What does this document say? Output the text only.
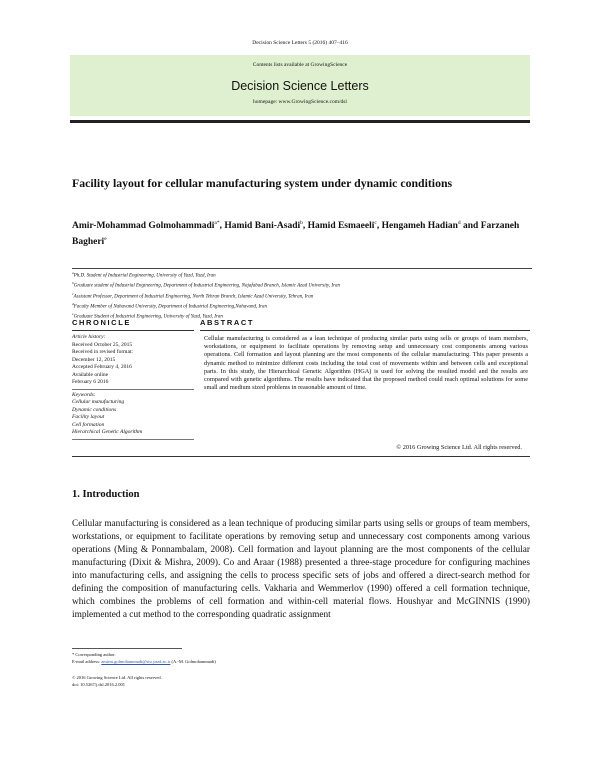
Decision Science Letters 5 (2016) 407–416
Contents lists available at GrowingScience
Decision Science Letters
homepage: www.GrowingScience.com/dsl
Facility layout for cellular manufacturing system under dynamic conditions
Amir-Mohammad Golmohammadi$^{a*}$, Hamid Bani-Asadi$^b$, Hamid Esmaeeli$^c$, Hengameh Hadian$^d$ and Farzaneh Bagheri$^e$
$^a$Ph.D. Student of Industrial Engineering, University of Yazd, Yazd, Iran
$^b$Graduate student of Industrial Engineering, Department of Industrial Engineering, Najafabad Branch, Islamic Azad University, Iran
$^c$Assistant Professor, Department of Industrial Engineering, North Tehran Branch, Islamic Azad University, Tehran, Iran
$^d$Faculty Member of Nahavand University, Department of Industrial Engineering,Nahavand, Iran
$^e$Graduate Student of Industrial Engineering, University of Yazd, Yazd, Iran
CHRONICLE	ABSTRACT
Article history:
Received October 25, 2015
Received in revised format:
December 12, 2015
Accepted February 4, 2016
Available online
February 6 2016
Keywords:
Cellular manufacturing
Dynamic conditions
Facility layout
Cell formation
Hierarchical Genetic Algorithm
Cellular manufacturing is considered as a lean technique of producing similar parts using sells or groups of team members, workstations, or equipment to facilitate operations by removing setup and unnecessary cost components among various operations. Cell formation and layout planning are the most components of the cellular manufacturing. This paper presents a dynamic method to minimize different costs including the total cost of movements within and between cells and exceptional parts. In this study, the Hierarchical Genetic Algorithm (HGA) is used for solving the resulted model and the results are compared with genetic algorithms. The results have indicated that the proposed method could reach optimal solutions for some small and medium sized problems in reasonable amount of time.
© 2016 Growing Science Ltd. All rights reserved.
1. Introduction
Cellular manufacturing is considered as a lean technique of producing similar parts using sells or groups of team members, workstations, or equipment to facilitate operations by removing setup and unnecessary cost components among various operations (Ming & Ponnambalam, 2008). Cell formation and layout planning are the most components of the cellular manufacturing (Dixit & Mishra, 2009). Co and Araar (1988) presented a three-stage procedure for configuring machines into manufacturing cells, and assigning the cells to process specific sets of jobs and offered a direct-search method for defining the composition of manufacturing cells. Vakharia and Wemmerlov (1990) offered a cell formation technique, which combines the problems of cell formation and within-cell material flows. Houshyar and McGINNIS (1990) implemented a cut method to the corresponding quadratic assignment
* Corresponding author.
E-mail address: amirm.golmohammadi@stu.yazd.ac.ir (A.-M. Golmohammadi)
© 2016 Growing Science Ltd. All rights reserved.
doi: 10.5267/j.dsl.2016.2.001
